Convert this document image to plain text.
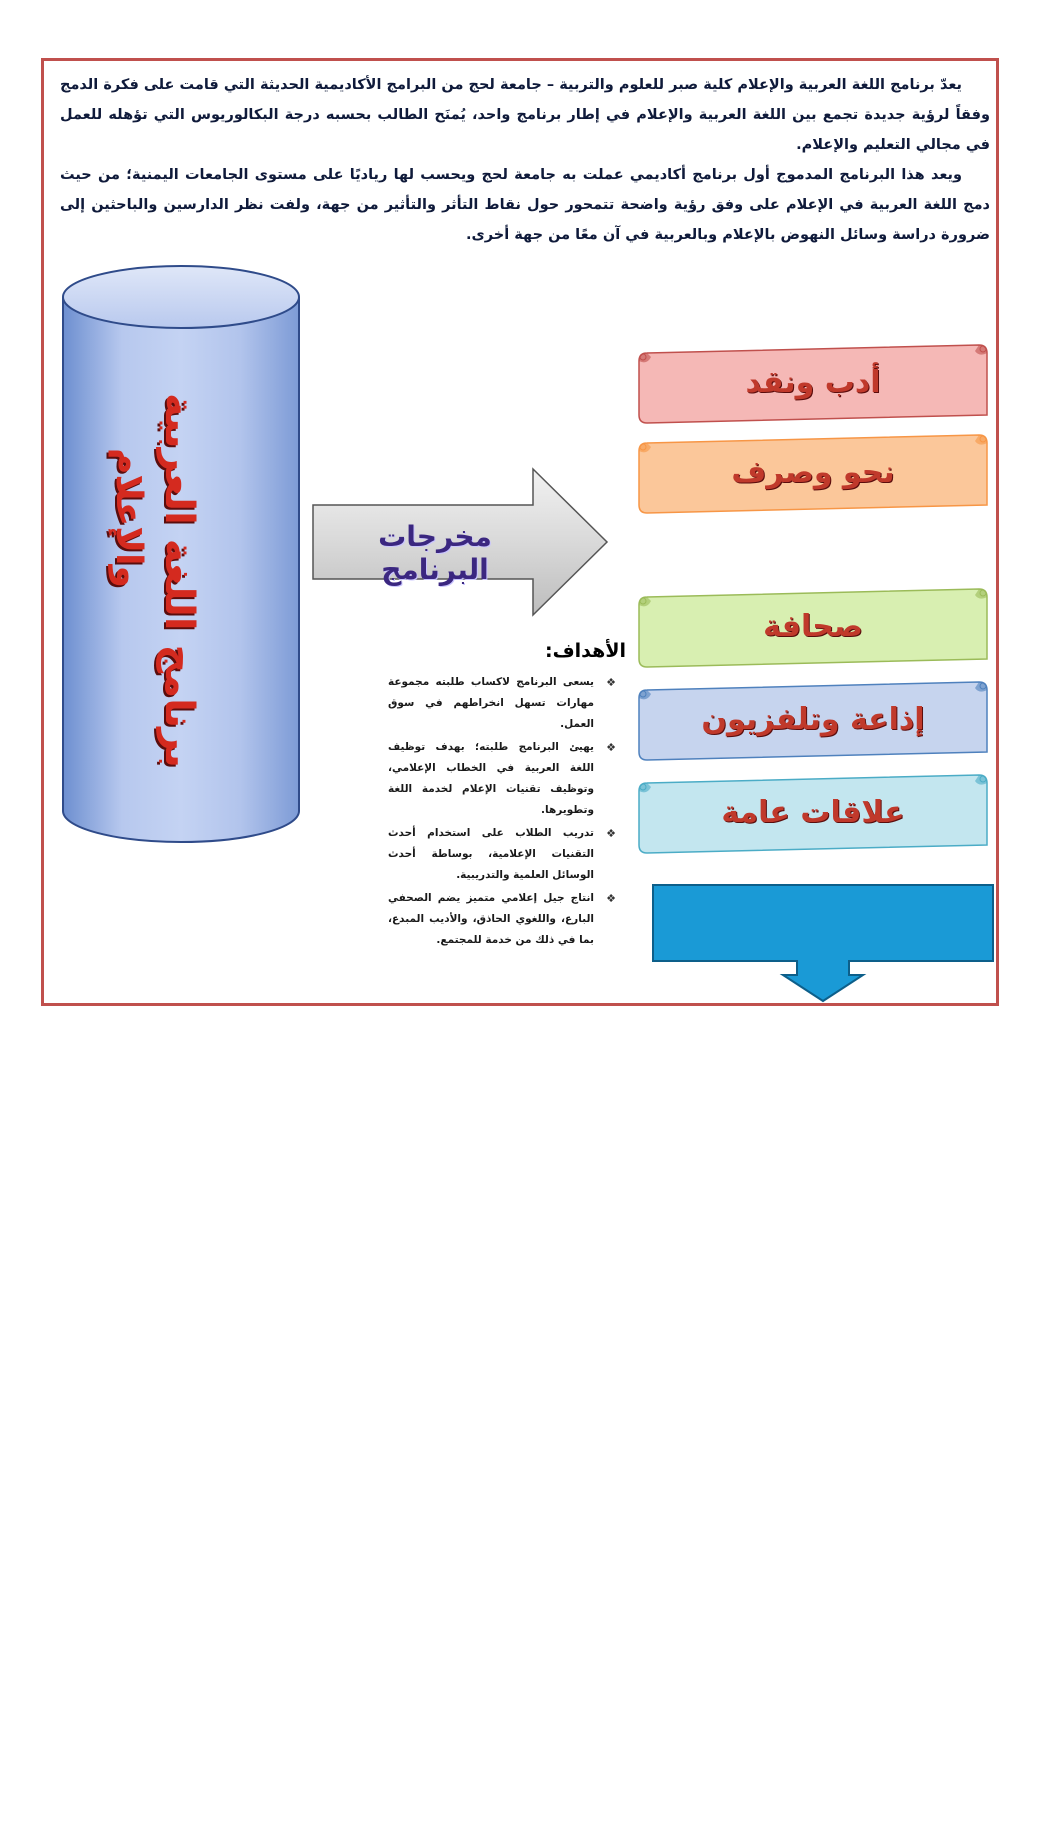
يعدّ برنامج اللغة العربية والإعلام كلية صبر للعلوم والتربية – جامعة لحج من البرامج الأكاديمية الحديثة التي قامت على فكرة الدمج وفقاً لرؤية جديدة تجمع بين اللغة العربية والإعلام في إطار برنامج واحد، يُمنَح الطالب بحسبه درجة البكالوريوس التي تؤهله للعمل في مجالي التعليم والإعلام.

ويعد هذا البرنامج المدموج أول برنامج أكاديمي عملت به جامعة لحج ويحسب لها رياديًا على مستوى الجامعات اليمنية؛ من حيث دمج اللغة العربية في الإعلام على وفق رؤية واضحة تتمحور حول نقاط التأثر والتأثير من جهة، ولفت نظر الدارسين والباحثين إلى ضرورة دراسة وسائل النهوض بالإعلام وبالعربية في آن معًا من جهة أخرى.

برنامج اللغة العربية
والإعلام	مخرجات البرنامج
أدب ونقد
نحو وصرف
صحافة
إذاعة وتلفزيون
علاقات عامة
الأهداف:
❖
يسعى البرنامج لاكساب طلبته مجموعة مهارات تسهل انخراطهم في سوق العمل.
❖
يهيئ البرنامج طلبته؛ بهدف توظيف اللغة العربية في الخطاب الإعلامي، وتوظيف تقنيات الإعلام لخدمة اللغة وتطويرها.
❖
تدريب الطلاب على استخدام أحدث التقنيات الإعلامية، بوساطة أحدث الوسائل العلمية والتدريبية.
❖
انتاج جيل إعلامي متميز يضم الصحفي البارع، واللغوي الحاذق، والأديب المبدع، بما في ذلك من خدمة للمجتمع.
